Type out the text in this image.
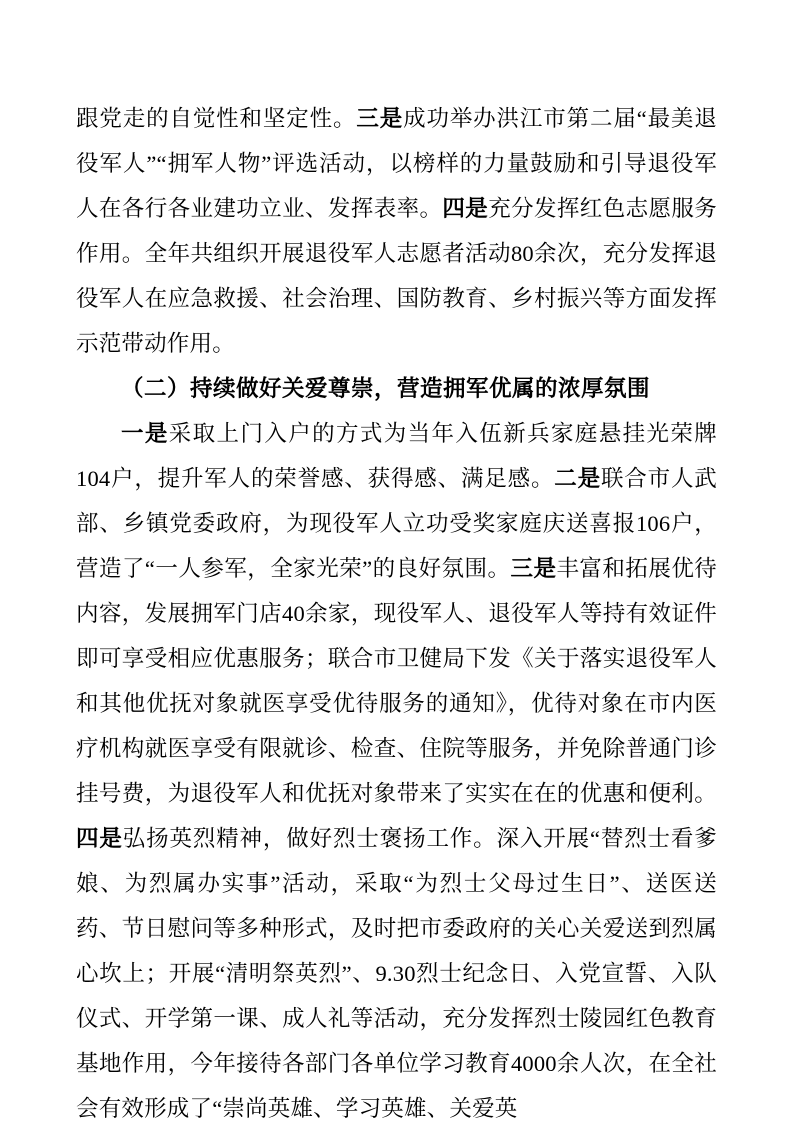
跟党走的自觉性和坚定性。三是成功举办洪江市第二届“最美退役军人”“拥军人物”评选活动，以榜样的力量鼓励和引导退役军人在各行各业建功立业、发挥表率。四是充分发挥红色志愿服务作用。全年共组织开展退役军人志愿者活动80余次，充分发挥退役军人在应急救援、社会治理、国防教育、乡村振兴等方面发挥示范带动作用。

（二）持续做好关爱尊崇，营造拥军优属的浓厚氛围

一是采取上门入户的方式为当年入伍新兵家庭悬挂光荣牌104户，提升军人的荣誉感、获得感、满足感。二是联合市人武部、乡镇党委政府，为现役军人立功受奖家庭庆送喜报106户，营造了“一人参军，全家光荣”的良好氛围。三是丰富和拓展优待内容，发展拥军门店40余家，现役军人、退役军人等持有效证件即可享受相应优惠服务；联合市卫健局下发《关于落实退役军人和其他优抚对象就医享受优待服务的通知》，优待对象在市内医疗机构就医享受有限就诊、检查、住院等服务，并免除普通门诊挂号费，为退役军人和优抚对象带来了实实在在的优惠和便利。四是弘扬英烈精神，做好烈士褒扬工作。深入开展“替烈士看爹娘、为烈属办实事”活动，采取“为烈士父母过生日”、送医送药、节日慰问等多种形式，及时把市委政府的关心关爱送到烈属心坎上；开展“清明祭英烈”、9.30烈士纪念日、入党宣誓、入队仪式、开学第一课、成人礼等活动，充分发挥烈士陵园红色教育基地作用，今年接待各部门各单位学习教育4000余人次，在全社会有效形成了“崇尚英雄、学习英雄、关爱英
